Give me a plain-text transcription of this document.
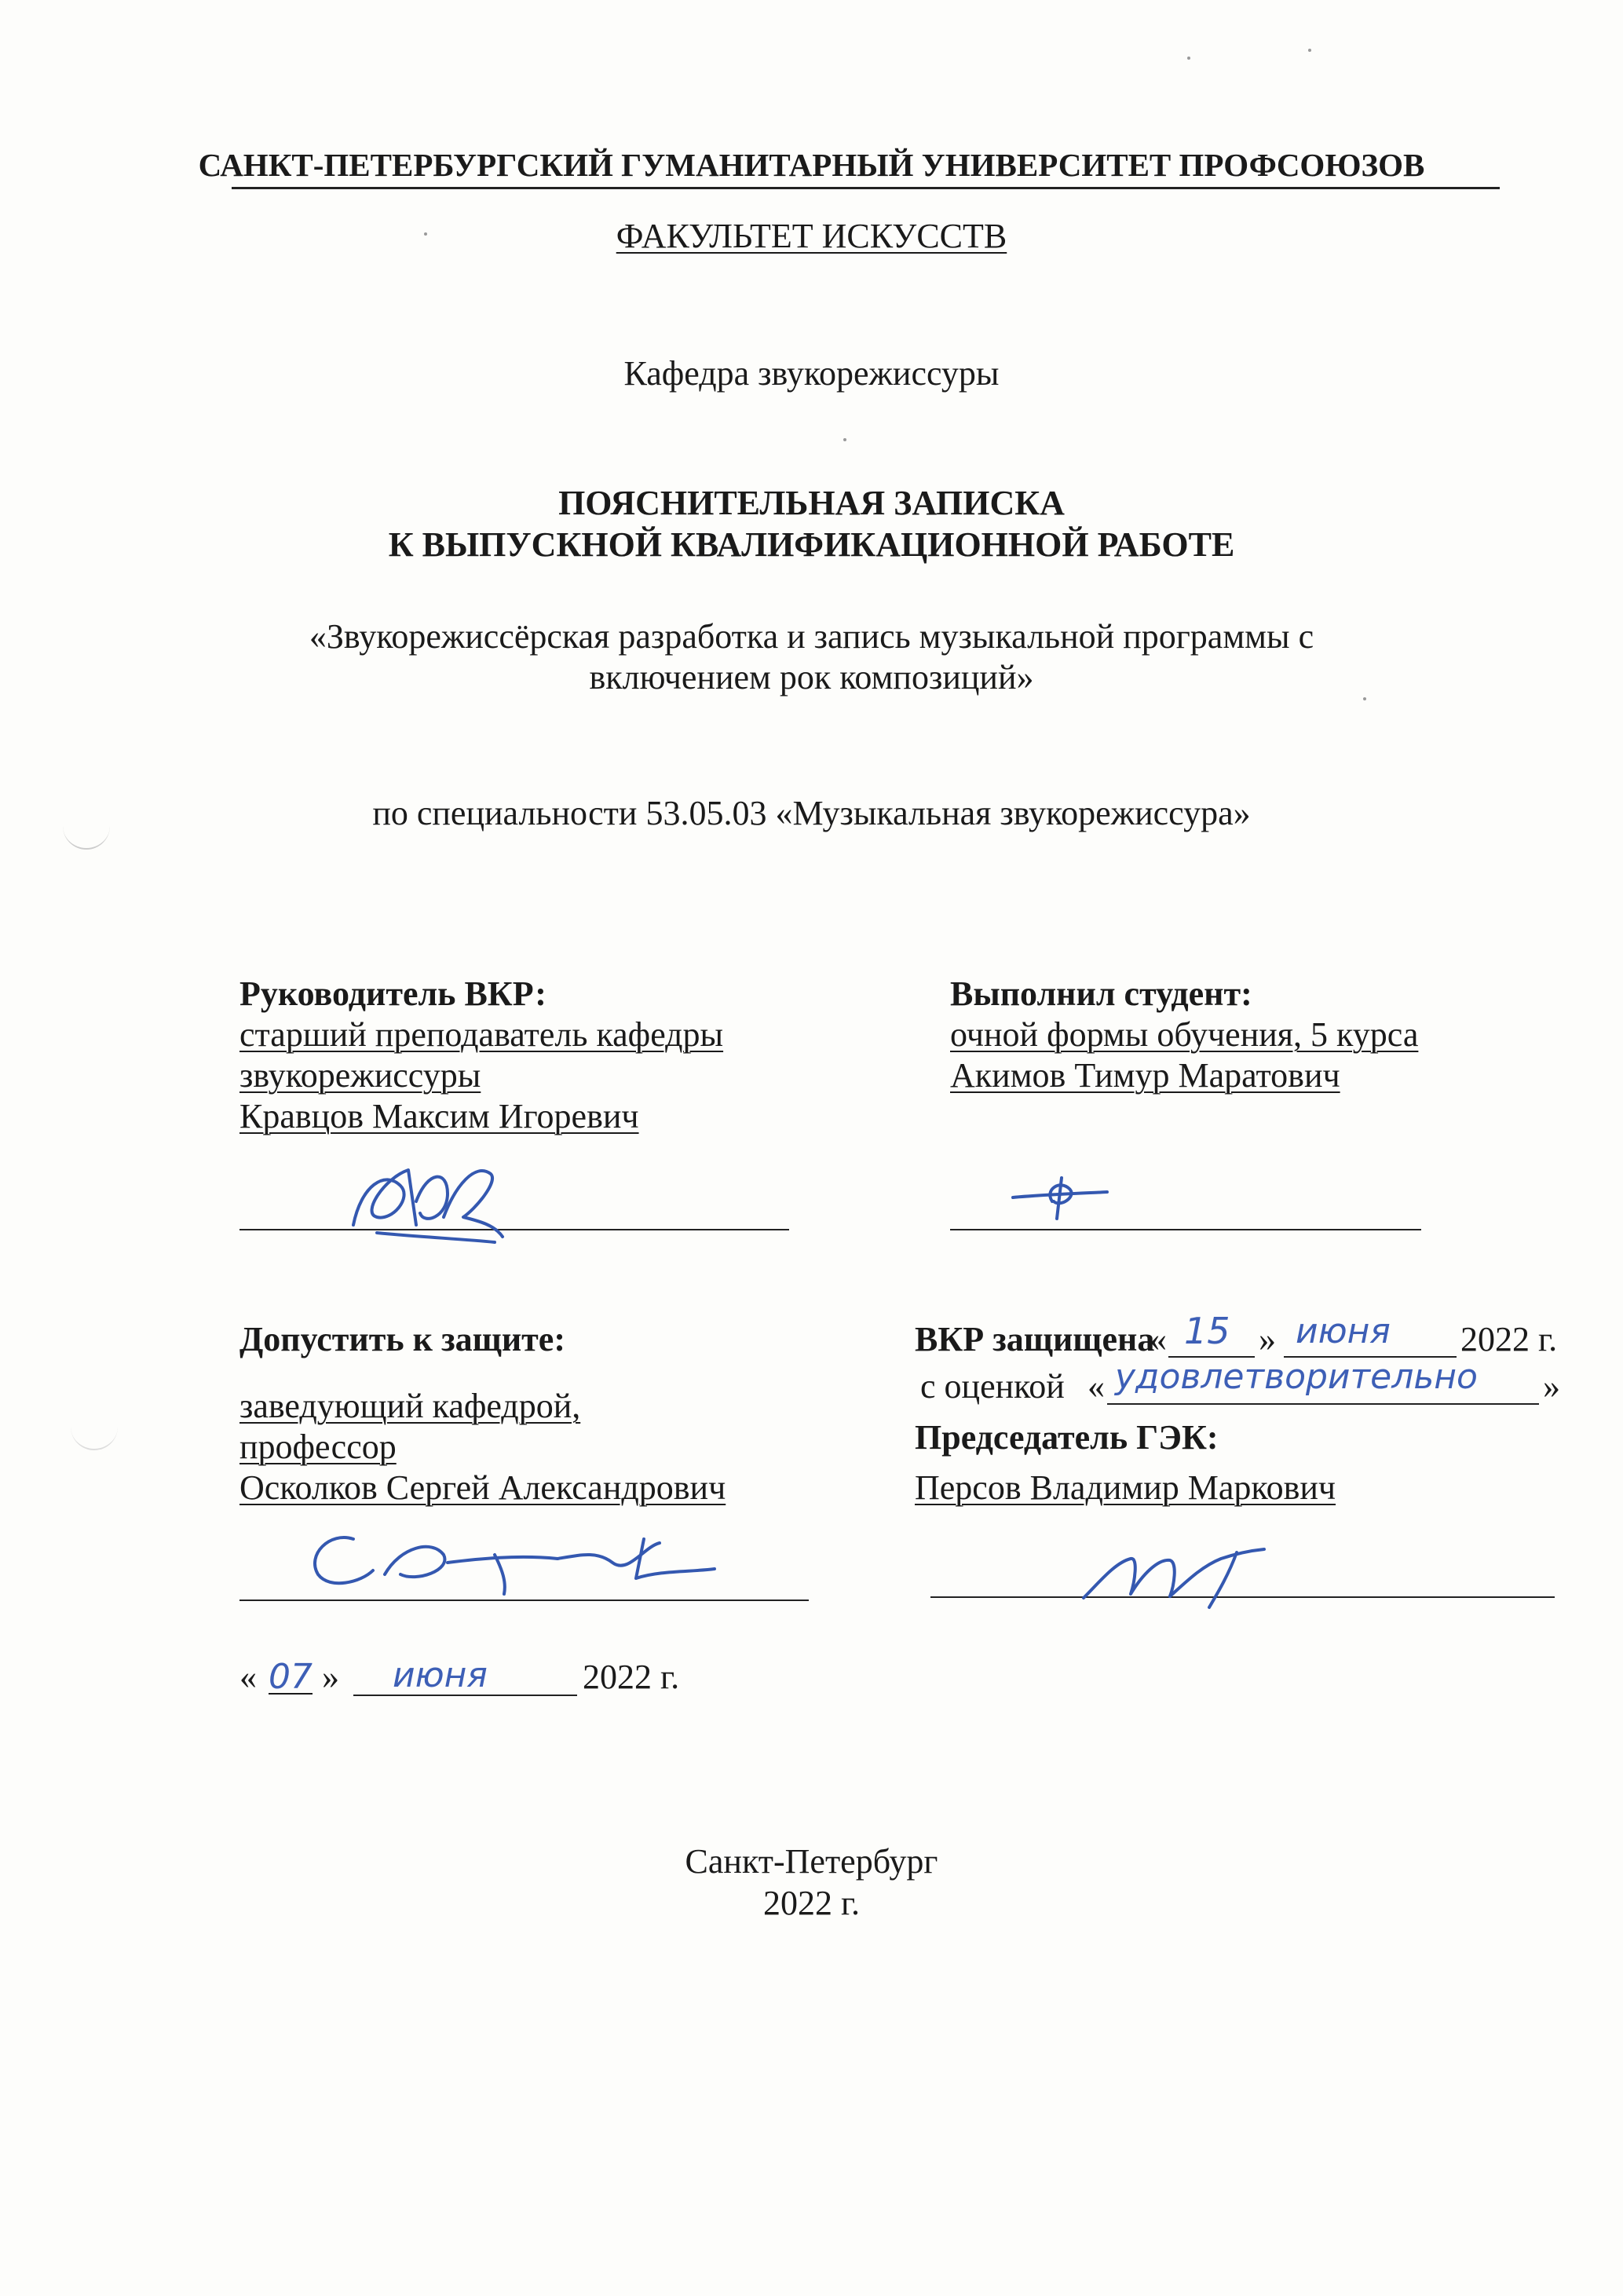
САНКТ-ПЕТЕРБУРГСКИЙ ГУМАНИТАРНЫЙ УНИВЕРСИТЕТ ПРОФСОЮЗОВ
ФАКУЛЬТЕТ ИСКУССТВ
Кафедра звукорежиссуры
ПОЯСНИТЕЛЬНАЯ ЗАПИСКА
К ВЫПУСКНОЙ КВАЛИФИКАЦИОННОЙ РАБОТЕ
«Звукорежиссёрская разработка и запись музыкальной программы с
включением рок композиций»
по специальности 53.05.03 «Музыкальная звукорежиссура»
Руководитель ВКР:
старший преподаватель кафедры
звукорежиссуры
Кравцов Максим Игоревич
Выполнил студент:
очной формы обучения, 5 курса
Акимов Тимур Маратович
Допустить к защите:
заведующий кафедрой,
профессор
Осколков Сергей Александрович
« 07 » июня	2022 г.
ВКР защищена
« 15 » июня 2022 г.
с оценкой « удовлетворительно »
Председатель ГЭК:
Персов Владимир Маркович
Санкт-Петербург
2022 г.
